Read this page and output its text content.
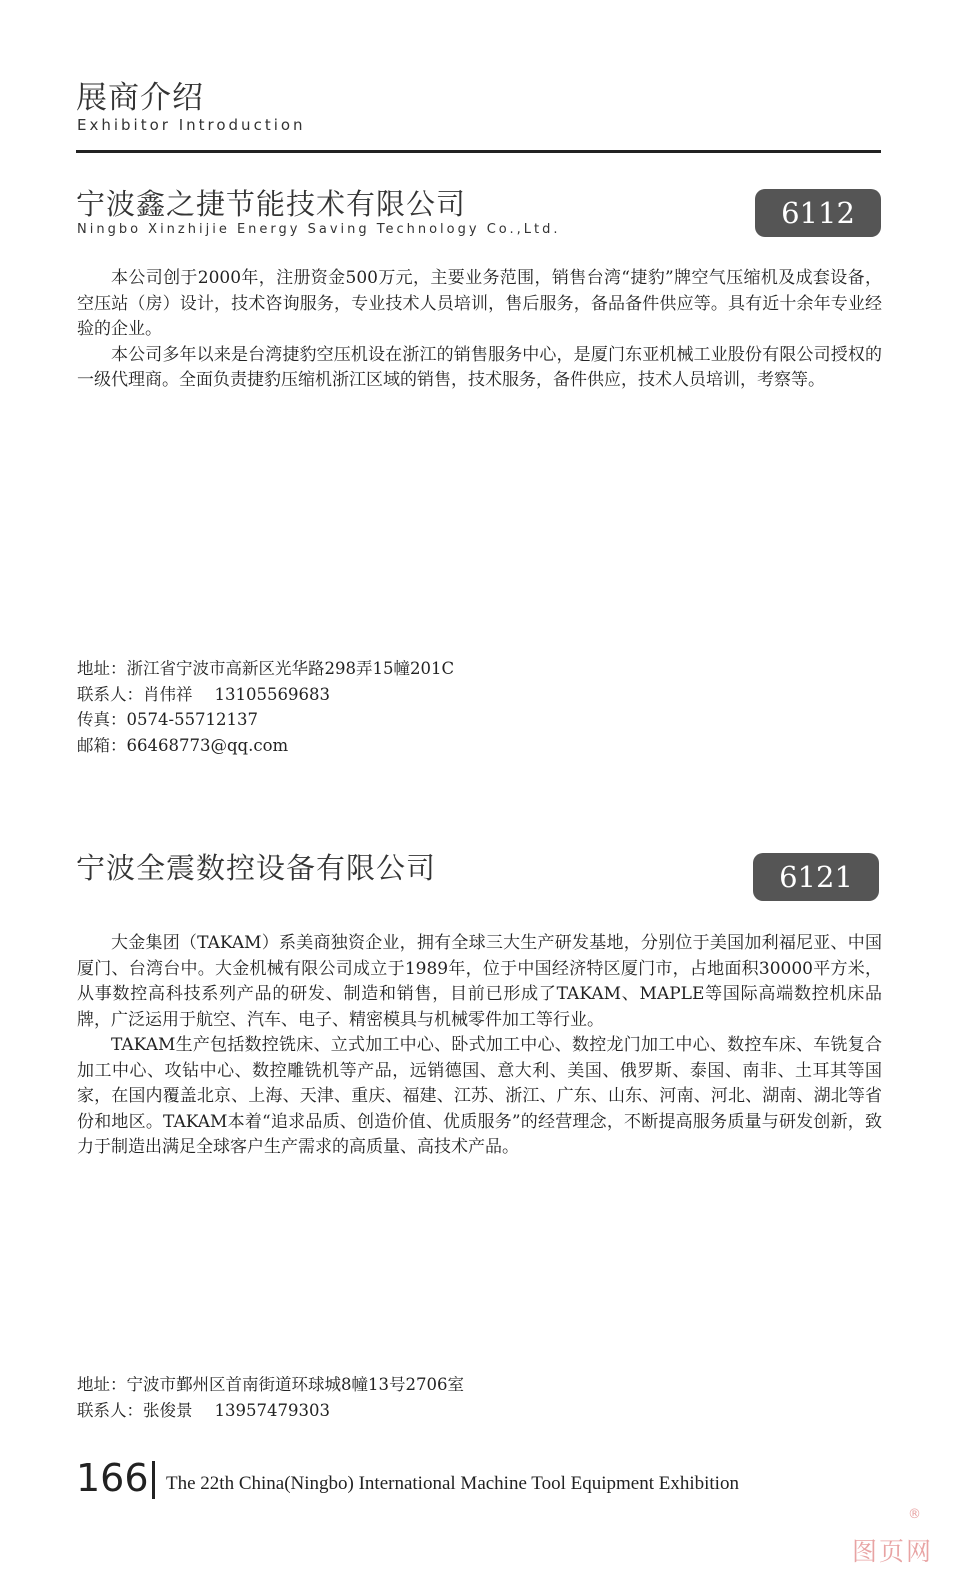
展商介绍
Exhibitor Introduction
宁波鑫之捷节能技术有限公司
Ningbo Xinzhijie Energy Saving Technology Co.,Ltd.	6112

本公司创于2000年，注册资金500万元，主要业务范围，销售台湾“捷豹”牌空气压缩机及成套设备，空压站（房）设计，技术咨询服务，专业技术人员培训，售后服务，备品备件供应等。具有近十余年专业经验的企业。

本公司多年以来是台湾捷豹空压机设在浙江的销售服务中心，是厦门东亚机械工业股份有限公司授权的一级代理商。全面负责捷豹压缩机浙江区域的销售，技术服务，备件供应，技术人员培训，考察等。

地址：浙江省宁波市高新区光华路298弄15幢201C
联系人：肖伟祥 13105569683
传真：0574-55712137
邮箱：66468773@qq.com
宁波全震数控设备有限公司	6121

大金集团（TAKAM）系美商独资企业，拥有全球三大生产研发基地，分别位于美国加利福尼亚、中国厦门、台湾台中。大金机械有限公司成立于1989年，位于中国经济特区厦门市，占地面积30000平方米，从事数控高科技系列产品的研发、制造和销售，目前已形成了TAKAM、MAPLE等国际高端数控机床品牌，广泛运用于航空、汽车、电子、精密模具与机械零件加工等行业。

TAKAM生产包括数控铣床、立式加工中心、卧式加工中心、数控龙门加工中心、数控车床、车铣复合加工中心、攻钻中心、数控雕铣机等产品，远销德国、意大利、美国、俄罗斯、泰国、南非、土耳其等国家，在国内覆盖北京、上海、天津、重庆、福建、江苏、浙江、广东、山东、河南、河北、湖南、湖北等省份和地区。TAKAM本着“追求品质、创造价值、优质服务”的经营理念，不断提高服务质量与研发创新，致力于制造出满足全球客户生产需求的高质量、高技术产品。

地址：宁波市鄞州区首南街道环球城8幢13号2706室
联系人：张俊景 13957479303
166 The 22th China(Ningbo) International Machine Tool Equipment Exhibition
®
图页网
